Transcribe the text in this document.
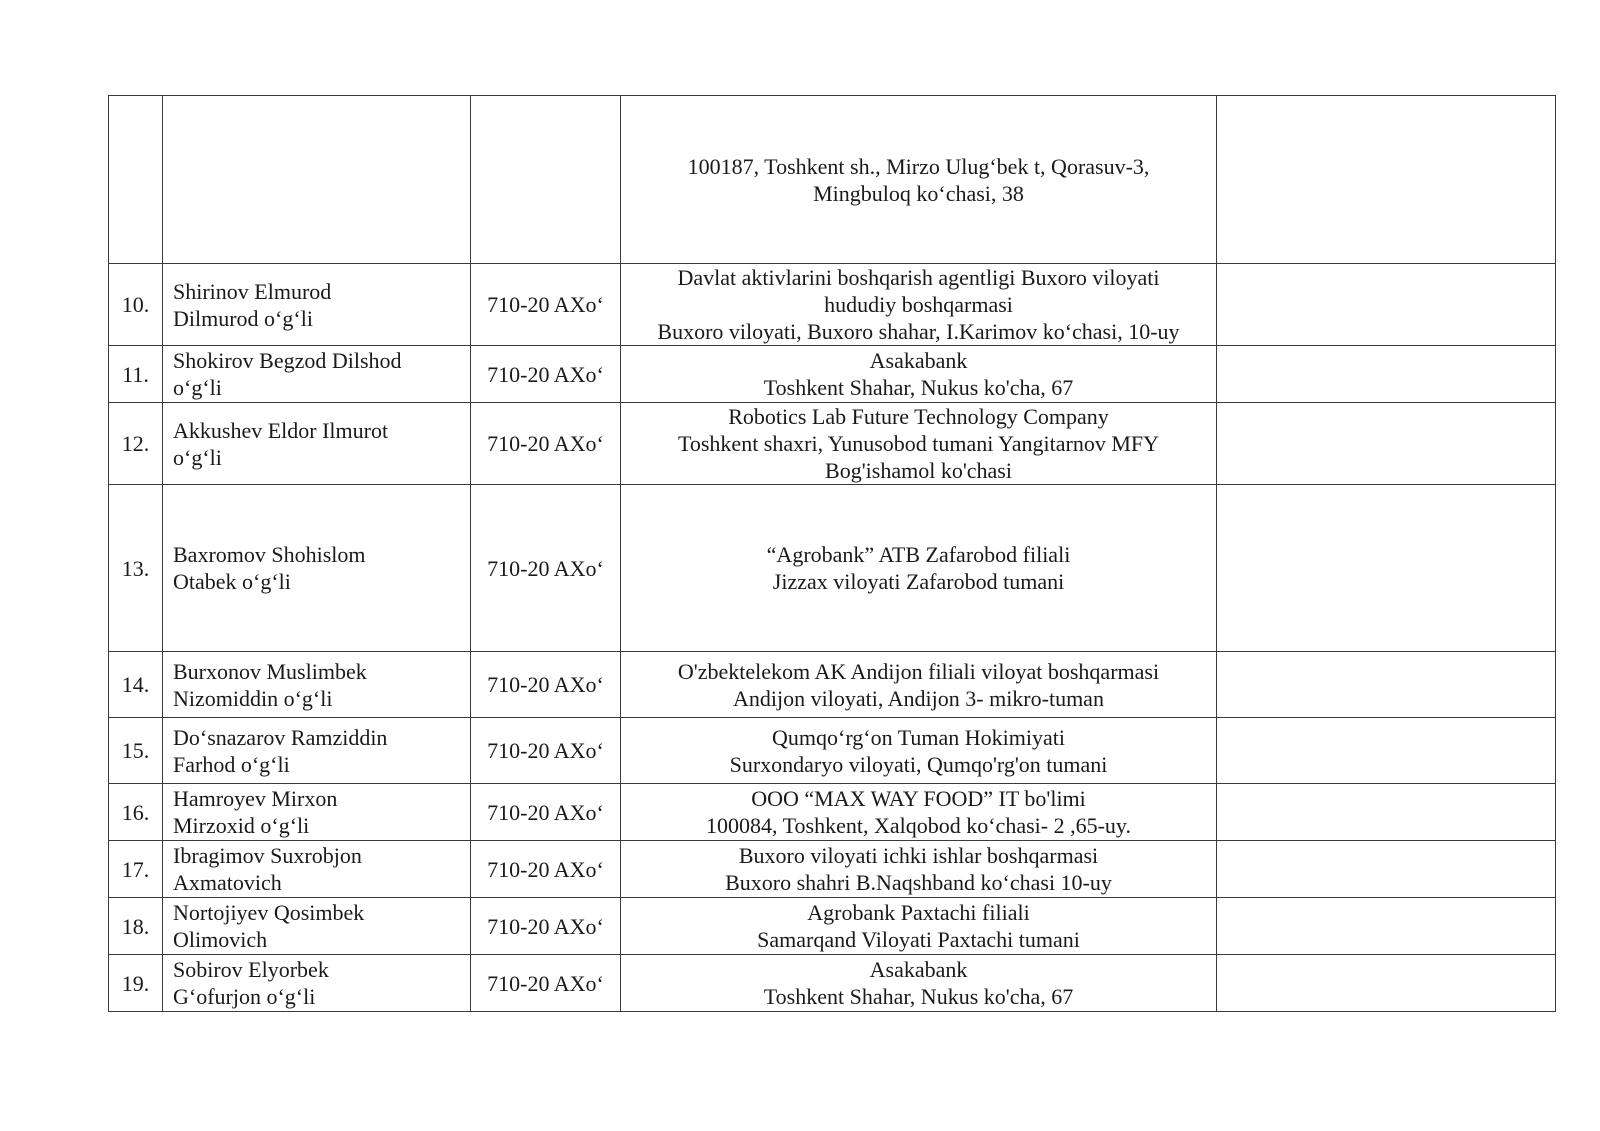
			100187, Toshkent sh., Mirzo Ulug‘bek t, Qorasuv-3,
Mingbuloq ko‘chasi, 38	

10.	Shirinov Elmurod
Dilmurod o‘g‘li	710-20 AXo‘	Davlat aktivlarini boshqarish agentligi Buxoro viloyati
hududiy boshqarmasi
Buxoro viloyati, Buxoro shahar, I.Karimov ko‘chasi, 10-uy	

11.	Shokirov Begzod Dilshod
o‘g‘li	710-20 AXo‘	Asakabank
Toshkent Shahar, Nukus ko'cha, 67	

12.	Akkushev Eldor Ilmurot
o‘g‘li	710-20 AXo‘	Robotics Lab Future Technology Company
Toshkent shaxri, Yunusobod tumani Yangitarnov MFY
Bog'ishamol ko'chasi	

13.	Baxromov Shohislom
Otabek o‘g‘li	710-20 AXo‘	“Agrobank” ATB Zafarobod filiali
Jizzax viloyati Zafarobod tumani	

14.	Burxonov Muslimbek
Nizomiddin o‘g‘li	710-20 AXo‘	O'zbektelekom AK Andijon filiali viloyat boshqarmasi
Andijon viloyati, Andijon 3- mikro-tuman	

15.	Do‘snazarov Ramziddin
Farhod o‘g‘li	710-20 AXo‘	Qumqo‘rg‘on Tuman Hokimiyati
Surxondaryo viloyati, Qumqo'rg'on tumani	

16.	Hamroyev Mirxon
Mirzoxid o‘g‘li	710-20 AXo‘	OOO “MAX WAY FOOD” IT bo'limi
100084, Toshkent, Xalqobod ko‘chasi- 2 ,65-uy.	

17.	Ibragimov Suxrobjon
Axmatovich	710-20 AXo‘	Buxoro viloyati ichki ishlar boshqarmasi
Buxoro shahri B.Naqshband ko‘chasi 10-uy	

18.	Nortojiyev Qosimbek
Olimovich	710-20 AXo‘	Agrobank Paxtachi filiali
Samarqand Viloyati Paxtachi tumani	

19.	Sobirov Elyorbek
G‘ofurjon o‘g‘li	710-20 AXo‘	Asakabank
Toshkent Shahar, Nukus ko'cha, 67	
